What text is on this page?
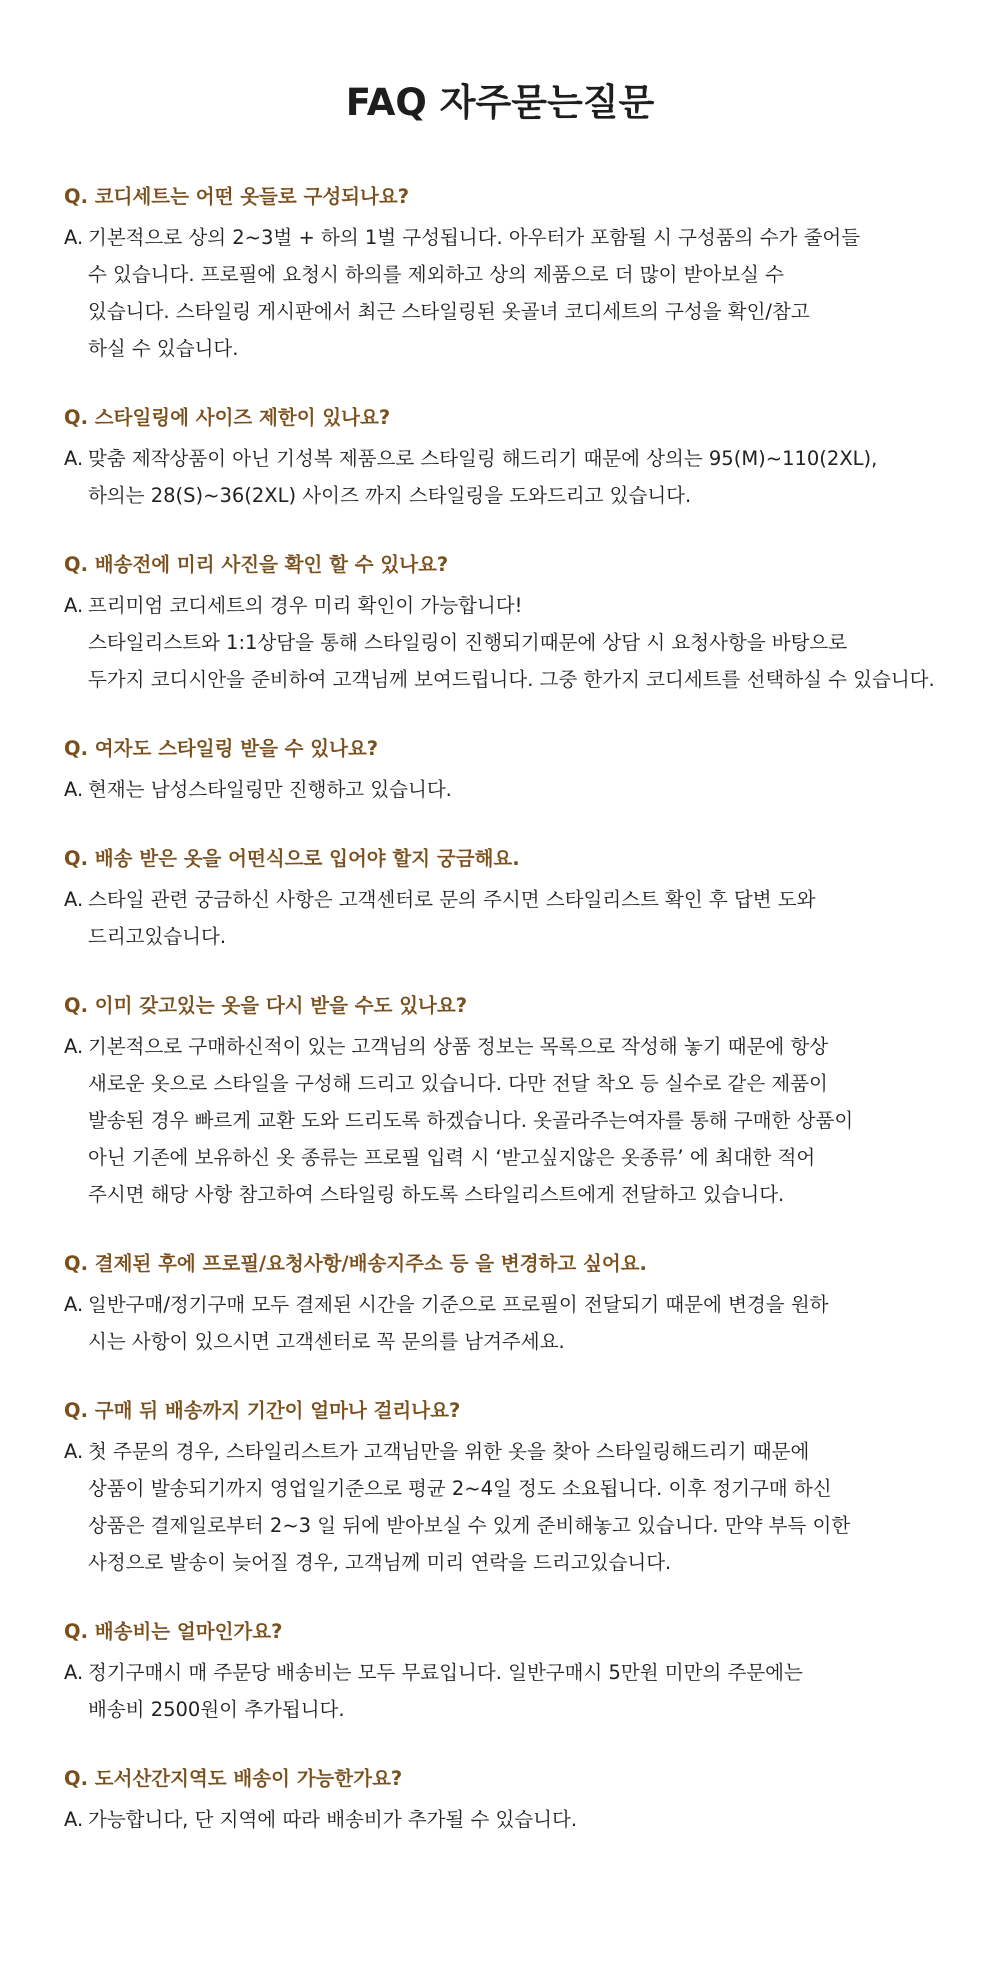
FAQ 자주묻는질문

Q. 코디세트는 어떤 옷들로 구성되나요?

A. 기본적으로 상의 2~3벌 + 하의 1벌 구성됩니다. 아우터가 포함될 시 구성품의 수가 줄어들
수 있습니다. 프로필에 요청시 하의를 제외하고 상의 제품으로 더 많이 받아보실 수
있습니다. 스타일링 게시판에서 최근 스타일링된 옷골녀 코디세트의 구성을 확인/참고
하실 수 있습니다.

Q. 스타일링에 사이즈 제한이 있나요?

A. 맞춤 제작상품이 아닌 기성복 제품으로 스타일링 해드리기 때문에 상의는 95(M)~110(2XL),
하의는 28(S)~36(2XL) 사이즈 까지 스타일링을 도와드리고 있습니다.

Q. 배송전에 미리 사진을 확인 할 수 있나요?

A. 프리미엄 코디세트의 경우 미리 확인이 가능합니다!
스타일리스트와 1:1상담을 통해 스타일링이 진행되기때문에 상담 시 요청사항을 바탕으로
두가지 코디시안을 준비하여 고객님께 보여드립니다. 그중 한가지 코디세트를 선택하실 수 있습니다.

Q. 여자도 스타일링 받을 수 있나요?

A. 현재는 남성스타일링만 진행하고 있습니다.

Q. 배송 받은 옷을 어떤식으로 입어야 할지 궁금해요.

A. 스타일 관련 궁금하신 사항은 고객센터로 문의 주시면 스타일리스트 확인 후 답변 도와
드리고있습니다.

Q. 이미 갖고있는 옷을 다시 받을 수도 있나요?

A. 기본적으로 구매하신적이 있는 고객님의 상품 정보는 목록으로 작성해 놓기 때문에 항상
새로운 옷으로 스타일을 구성해 드리고 있습니다. 다만 전달 착오 등 실수로 같은 제품이
발송된 경우 빠르게 교환 도와 드리도록 하겠습니다. 옷골라주는여자를 통해 구매한 상품이
아닌 기존에 보유하신 옷 종류는 프로필 입력 시 ‘받고싶지않은 옷종류’ 에 최대한 적어
주시면 해당 사항 참고하여 스타일링 하도록 스타일리스트에게 전달하고 있습니다.

Q. 결제된 후에 프로필/요청사항/배송지주소 등 을 변경하고 싶어요.

A. 일반구매/정기구매 모두 결제된 시간을 기준으로 프로필이 전달되기 때문에 변경을 원하
시는 사항이 있으시면 고객센터로 꼭 문의를 남겨주세요.

Q. 구매 뒤 배송까지 기간이 얼마나 걸리나요?

A. 첫 주문의 경우, 스타일리스트가 고객님만을 위한 옷을 찾아 스타일링해드리기 때문에
상품이 발송되기까지 영업일기준으로 평균 2~4일 정도 소요됩니다. 이후 정기구매 하신
상품은 결제일로부터 2~3 일 뒤에 받아보실 수 있게 준비해놓고 있습니다. 만약 부득 이한
사정으로 발송이 늦어질 경우, 고객님께 미리 연락을 드리고있습니다.

Q. 배송비는 얼마인가요?

A. 정기구매시 매 주문당 배송비는 모두 무료입니다. 일반구매시 5만원 미만의 주문에는
배송비 2500원이 추가됩니다.

Q. 도서산간지역도 배송이 가능한가요?

A. 가능합니다, 단 지역에 따라 배송비가 추가될 수 있습니다.
